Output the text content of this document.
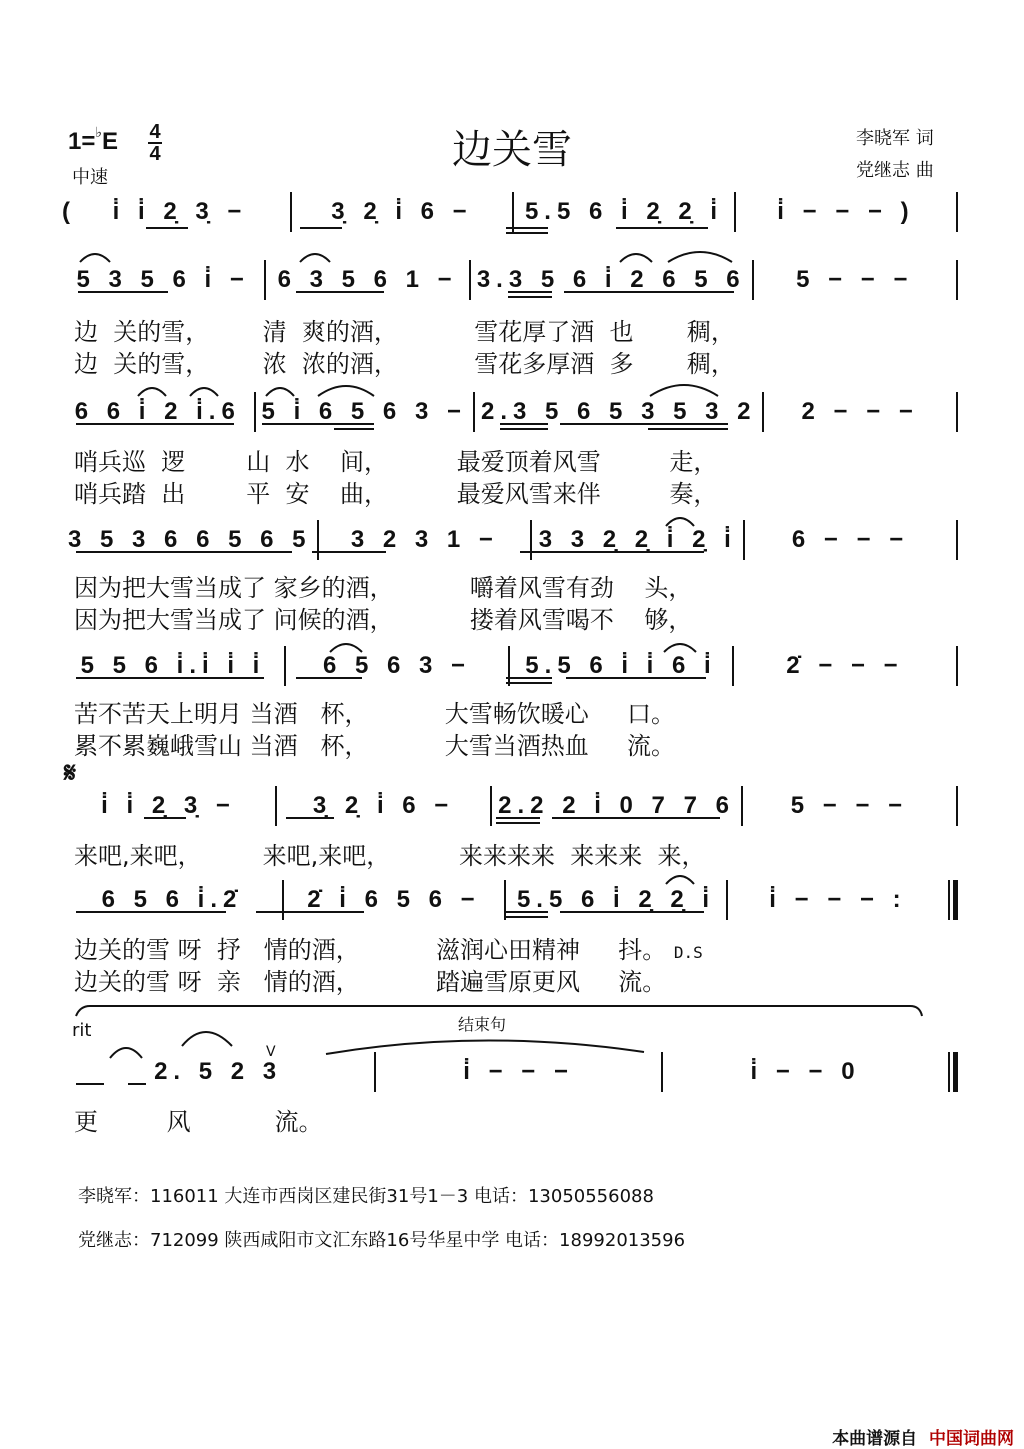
1=♭E 4
4
中速
边关雪	李晓军 词
党继志 曲
(	i̇ i̇ 2̣ 3̣ −	3̣ 2̣ i̇ 6 −	5.5 6 i̇ 2̣ 2̣ i̇	i̇ − − − )
5 3 5 6 i̇ −	6 3 5 6 1 − 3.3 5 6 i̇ 2 6 5 6	5 − − −
边  关的雪，       清  爽的酒，          雪花厚了酒  也       稠，
边  关的雪，       浓  浓的酒，          雪花多厚酒  多       稠，
6 6 i̇ 2 i̇.6 5 i̇ 6 5 6 3 − 2.3 5 6 5 3 5 3 2	2 − − −
哨兵巡  逻        山  水    间，         最爱顶着风雪         走，
哨兵踏  出        平  安    曲，         最爱风雪来伴         奏，
3 5 3 6 6 5 6 5	3 2 3 1 −	3 3 2̣ 2̣ i̇ 2̣ i̇	6 − − −
因为把大雪当成了 家乡的酒，          嚼着风雪有劲    头，
因为把大雪当成了 问候的酒，          搂着风雪喝不    够，
5 5 6 i̇.i̇ i̇ i̇	6 5 6 3 −	5.5 6 i̇ i̇ 6 i̇	2̇ − − −
苦不苦天上明月 当酒   杯，          大雪畅饮暖心     口。
累不累巍峨雪山 当酒   杯，          大雪当酒热血     流。
𝄋
i̇ i̇ 2̣ 3̣ −	3̣ 2̣ i̇ 6 −	2.2 2 i̇ 0 7 7 6	5 − − −
来吧,来吧，        来吧,来吧，         来来来来  来来来  来，
6 5 6 i̇.2̇	2̇ i̇ 6 5 6 −	5.5 6 i̇ 2̣ 2̣ i̇	i̇ − − − :
边关的雪 呀  抒   情的酒，          滋润心田精神     抖。 D.S
边关的雪 呀  亲   情的酒，          踏遍雪原更风     流。
rit	结束句
V
2. 5 2 3	i̇ − − −	i̇ − − 0
更         风           流。
李晓军：116011 大连市西岗区建民街31号1－3 电话：13050556088
党继志：712099 陕西咸阳市文汇东路16号华星中学 电话：18992013596
本曲谱源自 中国词曲网
